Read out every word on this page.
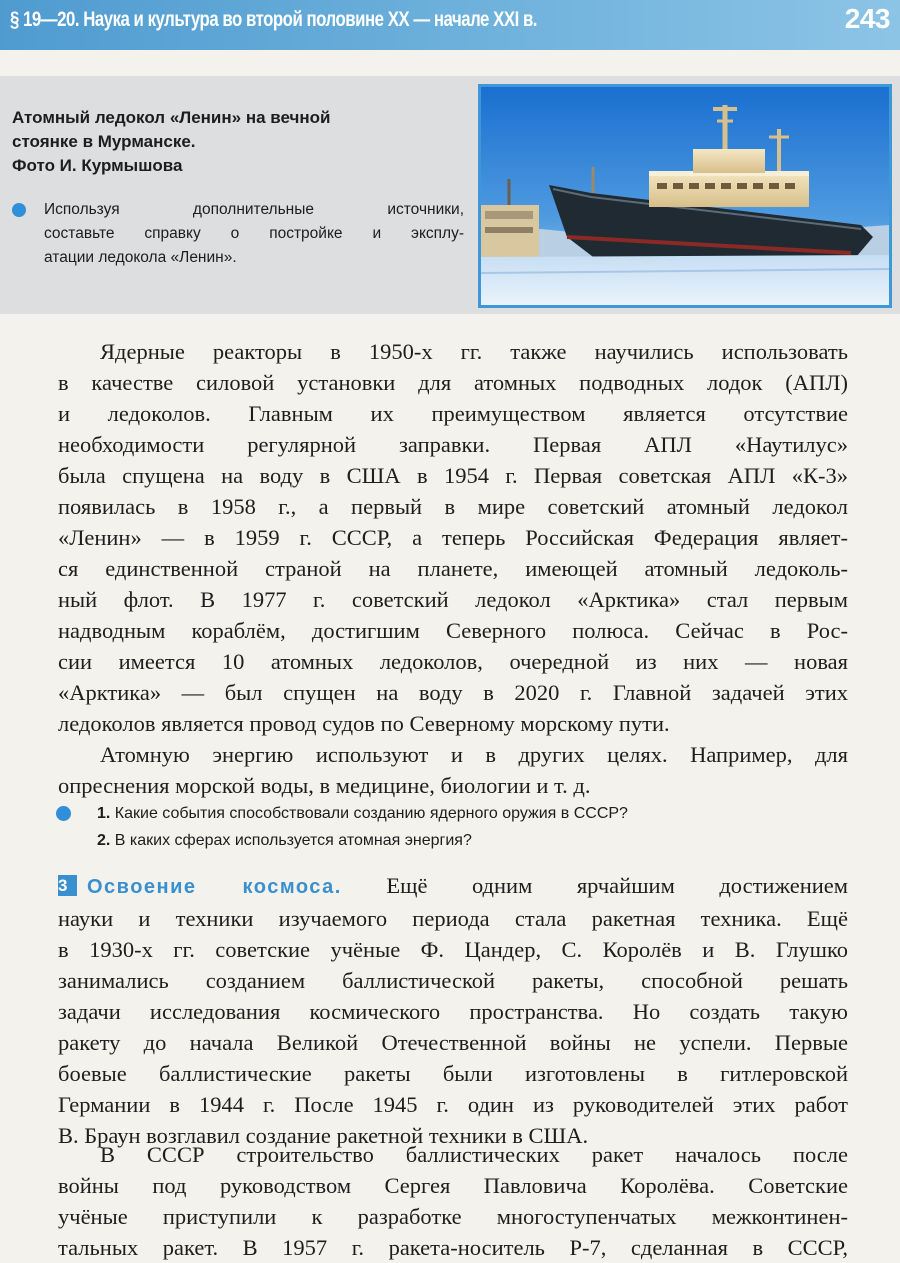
§ 19—20. Наука и культура во второй половине XX — начале XXI в.	243
Атомный ледокол «Ленин» на вечной
стоянке в Мурманске.
Фото И. Курмышова
Используя дополнительные источники,
составьте справку о постройке и эксплу-
атации ледокола «Ленин».
Ядерные реакторы в 1950-х гг. также научились использовать
в качестве силовой установки для атомных подводных лодок (АПЛ)
и ледоколов. Главным их преимуществом является отсутствие
необходимости регулярной заправки. Первая АПЛ «Наутилус»
была спущена на воду в США в 1954 г. Первая советская АПЛ «К-3»
появилась в 1958 г., а первый в мире советский атомный ледокол
«Ленин» — в 1959 г. СССР, а теперь Российская Федерация являет-
ся единственной страной на планете, имеющей атомный ледоколь-
ный флот. В 1977 г. советский ледокол «Арктика» стал первым
надводным кораблём, достигшим Северного полюса. Сейчас в Рос-
сии имеется 10 атомных ледоколов, очередной из них — новая
«Арктика» — был спущен на воду в 2020 г. Главной задачей этих
ледоколов является провод судов по Северному морскому пути.
Атомную энергию используют и в других целях. Например, для
опреснения морской воды, в медицине, биологии и т. д.
1. Какие события способствовали созданию ядерного оружия в СССР?
2. В каких сферах используется атомная энергия?
3 Освоение космоса. Ещё одним ярчайшим достижением
науки и техники изучаемого периода стала ракетная техника. Ещё
в 1930-х гг. советские учёные Ф. Цандер, С. Королёв и В. Глушко
занимались созданием баллистической ракеты, способной решать
задачи исследования космического пространства. Но создать такую
ракету до начала Великой Отечественной войны не успели. Первые
боевые баллистические ракеты были изготовлены в гитлеровской
Германии в 1944 г. После 1945 г. один из руководителей этих работ
В. Браун возглавил создание ракетной техники в США.
В СССР строительство баллистических ракет началось после
войны под руководством Сергея Павловича Королёва. Советские
учёные приступили к разработке многоступенчатых межконтинен-
тальных ракет. В 1957 г. ракета-носитель Р-7, сделанная в СССР,
